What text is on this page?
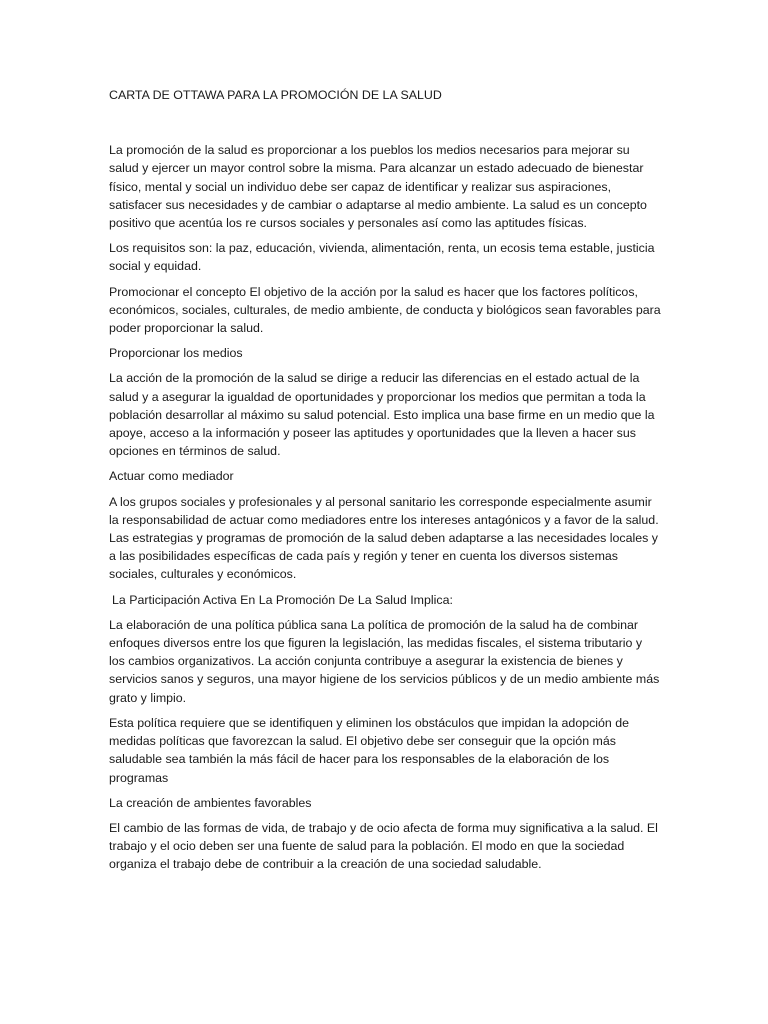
CARTA DE OTTAWA PARA LA PROMOCIÓN DE LA SALUD
La promoción de la salud es proporcionar a los pueblos los medios necesarios para mejorar su salud y ejercer un mayor control sobre la misma. Para alcanzar un estado adecuado de bienestar físico, mental y social un individuo debe ser capaz de identificar y realizar sus aspiraciones, satisfacer sus necesidades y de cambiar o adaptarse al medio ambiente. La salud es un concepto positivo que acentúa los re cursos sociales y personales así como las aptitudes físicas.
Los requisitos son: la paz, educación, vivienda, alimentación, renta, un ecosis tema estable, justicia social y equidad.
Promocionar el concepto El objetivo de la acción por la salud es hacer que los factores políticos, económicos, sociales, culturales, de medio ambiente, de conducta y biológicos sean favorables para poder proporcionar la salud.
Proporcionar los medios
La acción de la promoción de la salud se dirige a reducir las diferencias en el estado actual de la salud y a asegurar la igualdad de oportunidades y proporcionar los medios que permitan a toda la población desarrollar al máximo su salud potencial. Esto implica una base firme en un medio que la apoye, acceso a la información y poseer las aptitudes y oportunidades que la lleven a hacer sus opciones en términos de salud.
Actuar como mediador
A los grupos sociales y profesionales y al personal sanitario les corresponde especialmente asumir la responsabilidad de actuar como mediadores entre los intereses antagónicos y a favor de la salud. Las estrategias y programas de promoción de la salud deben adaptarse a las necesidades locales y a las posibilidades específicas de cada país y región y tener en cuenta los diversos sistemas sociales, culturales y económicos.
La Participación Activa En La Promoción De La Salud Implica:
La elaboración de una política pública sana La política de promoción de la salud ha de combinar enfoques diversos entre los que figuren la legislación, las medidas fiscales, el sistema tributario y los cambios organizativos. La acción conjunta contribuye a asegurar la existencia de bienes y servicios sanos y seguros, una mayor higiene de los servicios públicos y de un medio ambiente más grato y limpio.
Esta política requiere que se identifiquen y eliminen los obstáculos que impidan la adopción de medidas políticas que favorezcan la salud. El objetivo debe ser conseguir que la opción más saludable sea también la más fácil de hacer para los responsables de la elaboración de los programas
La creación de ambientes favorables
El cambio de las formas de vida, de trabajo y de ocio afecta de forma muy significativa a la salud. El trabajo y el ocio deben ser una fuente de salud para la población. El modo en que la sociedad organiza el trabajo debe de contribuir a la creación de una sociedad saludable.
